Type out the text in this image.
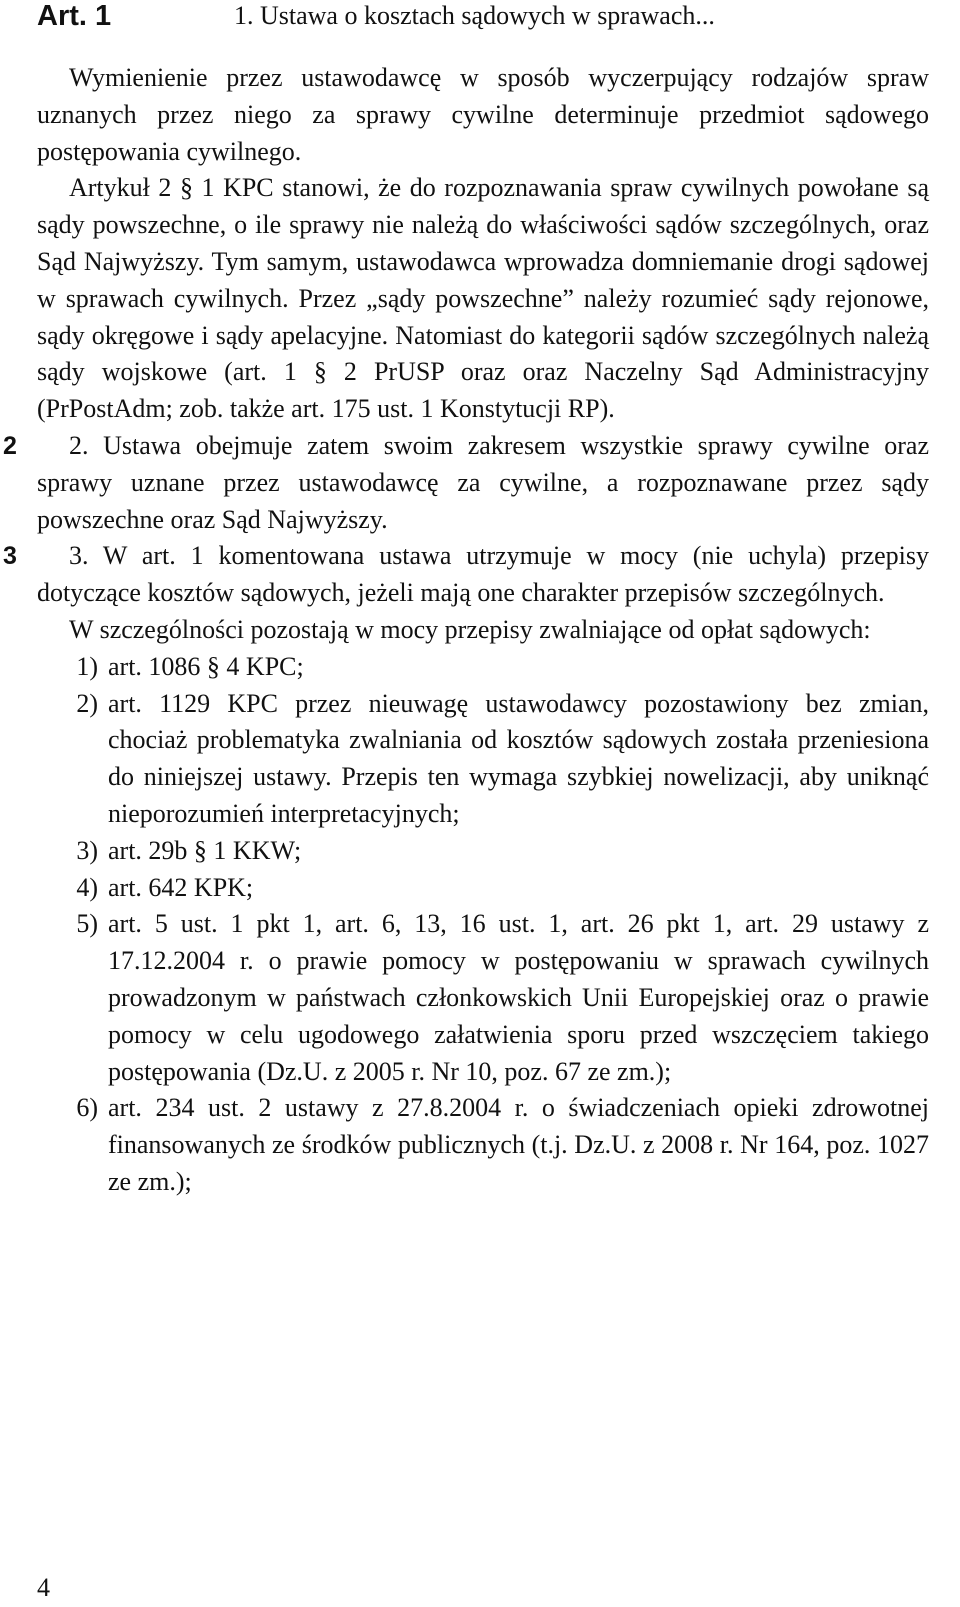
Art. 1	1. Ustawa o kosztach sądowych w sprawach...

Wymienienie przez ustawodawcę w sposób wyczerpujący rodzajów spraw uznanych przez niego za sprawy cywilne determinuje przedmiot sądowego postępowania cywilnego.

Artykuł 2 § 1 KPC stanowi, że do rozpoznawania spraw cywilnych powołane są sądy powszechne, o ile sprawy nie należą do właściwości sądów szczególnych, oraz Sąd Najwyższy. Tym samym, ustawodawca wprowadza domniemanie drogi sądowej w sprawach cywilnych. Przez „sądy powszechne” należy rozumieć sądy rejonowe, sądy okręgowe i sądy apelacyjne. Natomiast do kategorii sądów szczególnych należą sądy wojskowe (art. 1 § 2 PrUSP oraz oraz Naczelny Sąd Administracyjny (PrPostAdm; zob. także art. 175 ust. 1 Konstytucji RP).

2	2. Ustawa obejmuje zatem swoim zakresem wszystkie sprawy cywilne oraz sprawy uznane przez ustawodawcę za cywilne, a rozpoznawane przez sądy powszechne oraz Sąd Najwyższy.

3	3. W art. 1 komentowana ustawa utrzymuje w mocy (nie uchyla) przepisy dotyczące kosztów sądowych, jeżeli mają one charakter przepisów szczególnych.

W szczególności pozostają w mocy przepisy zwalniające od opłat sądowych:

1) art. 1086 § 4 KPC;
2) art. 1129 KPC przez nieuwagę ustawodawcy pozostawiony bez zmian, chociaż problematyka zwalniania od kosztów sądowych została przeniesiona do niniejszej ustawy. Przepis ten wymaga szybkiej nowelizacji, aby uniknąć nieporozumień interpretacyjnych;
3) art. 29b § 1 KKW;
4) art. 642 KPK;
5) art. 5 ust. 1 pkt 1, art. 6, 13, 16 ust. 1, art. 26 pkt 1, art. 29 ustawy z 17.12.2004 r. o prawie pomocy w postępowaniu w sprawach cywilnych prowadzonym w państwach członkowskich Unii Europejskiej oraz o prawie pomocy w celu ugodowego załatwienia sporu przed wszczęciem takiego postępowania (Dz.U. z 2005 r. Nr 10, poz. 67 ze zm.);
6) art. 234 ust. 2 ustawy z 27.8.2004 r. o świadczeniach opieki zdrowotnej finansowanych ze środków publicznych (t.j. Dz.U. z 2008 r. Nr 164, poz. 1027 ze zm.);
4
